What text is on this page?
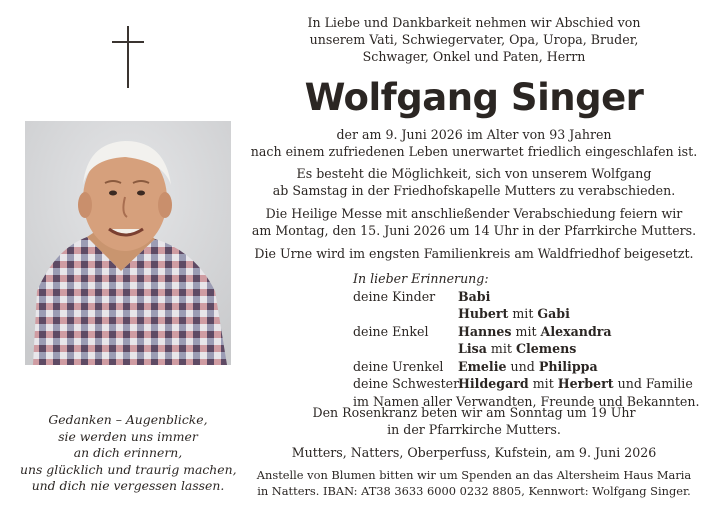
Gedanken – Augenblicke,
sie werden uns immer
an dich erinnern,
uns glücklich und traurig machen,
und dich nie vergessen lassen.
In Liebe und Dankbarkeit nehmen wir Abschied von
unserem Vati, Schwiegervater, Opa, Uropa, Bruder,
Schwager, Onkel und Paten, Herrn
Wolfgang Singer
der am 9. Juni 2026 im Alter von 93 Jahren
nach einem zufriedenen Leben unerwartet friedlich eingeschlafen ist.
Es besteht die Möglichkeit, sich von unserem Wolfgang
ab Samstag in der Friedhofskapelle Mutters zu verabschieden.
Die Heilige Messe mit anschließender Verabschiedung feiern wir
am Montag, den 15. Juni 2026 um 14 Uhr in der Pfarrkirche Mutters.
Die Urne wird im engsten Familienkreis am Waldfriedhof beigesetzt.
Den Rosenkranz beten wir am Sonntag um 19 Uhr
in der Pfarrkirche Mutters.
Mutters, Natters, Oberperfuss, Kufstein, am 9. Juni 2026
Anstelle von Blumen bitten wir um Spenden an das Altersheim Haus Maria
in Natters. IBAN: AT38 3633 6000 0232 8805, Kennwort: Wolfgang Singer.
In lieber Erinnerung:
deine Kinder Babi
Hubert mit Gabi
deine Enkel Hannes mit Alexandra
Lisa mit Clemens
deine Urenkel Emelie und Philippa
deine Schwester
Hildegard mit Herbert und Familie
im Namen aller Verwandten, Freunde und Bekannten.
